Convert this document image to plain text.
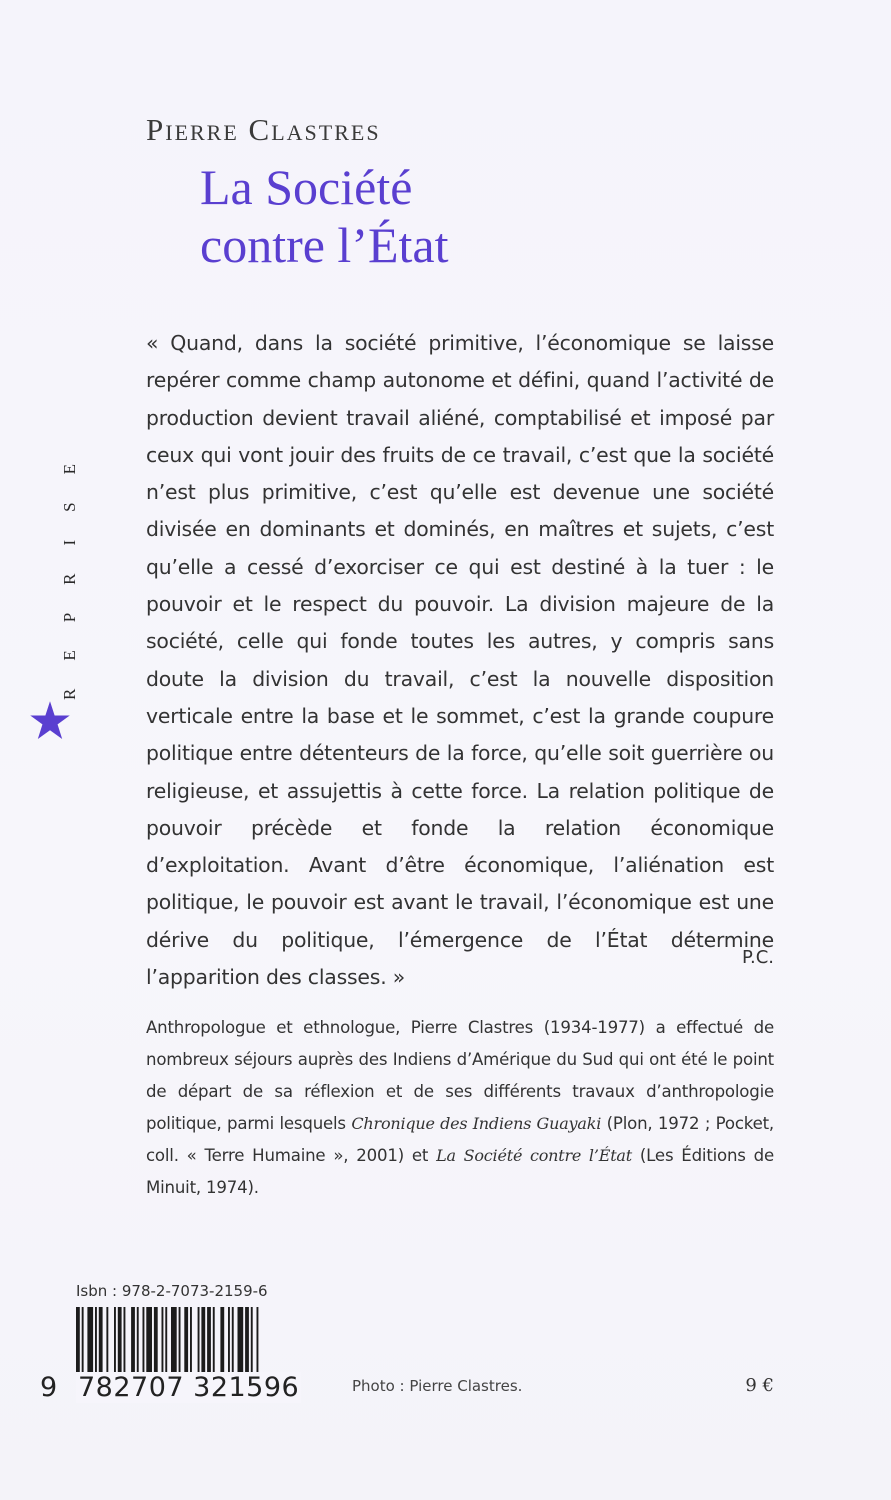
Pierre Clastres
La Société
contre l’État
REPRISE
« Quand, dans la société primitive, l’économique se laisse repérer comme champ autonome et défini, quand l’activité de production devient travail aliéné, comptabilisé et imposé par ceux qui vont jouir des fruits de ce travail, c’est que la société n’est plus primitive, c’est qu’elle est devenue une société divisée en dominants et dominés, en maîtres et sujets, c’est qu’elle a cessé d’exorciser ce qui est destiné à la tuer : le pouvoir et le respect du pouvoir. La division majeure de la société, celle qui fonde toutes les autres, y compris sans doute la division du travail, c’est la nouvelle disposition verticale entre la base et le sommet, c’est la grande coupure politique entre détenteurs de la force, qu’elle soit guerrière ou religieuse, et assujettis à cette force. La relation politique de pouvoir précède et fonde la relation économique d’exploitation. Avant d’être économique, l’aliénation est politique, le pouvoir est avant le travail, l’économique est une dérive du politique, l’émergence de l’État détermine l’apparition des classes. »
P.C.
Anthropologue et ethnologue, Pierre Clastres (1934-1977) a effectué de nombreux séjours auprès des Indiens d’Amérique du Sud qui ont été le point de départ de sa réflexion et de ses différents travaux d’anthropologie politique, parmi lesquels Chronique des Indiens Guayaki (Plon, 1972 ; Pocket, coll. « Terre Humaine », 2001) et La Société contre l’État (Les Éditions de Minuit, 1974).
Isbn : 978-2-7073-2159-6
9 782707 321596	Photo : Pierre Clastres.	9 €
